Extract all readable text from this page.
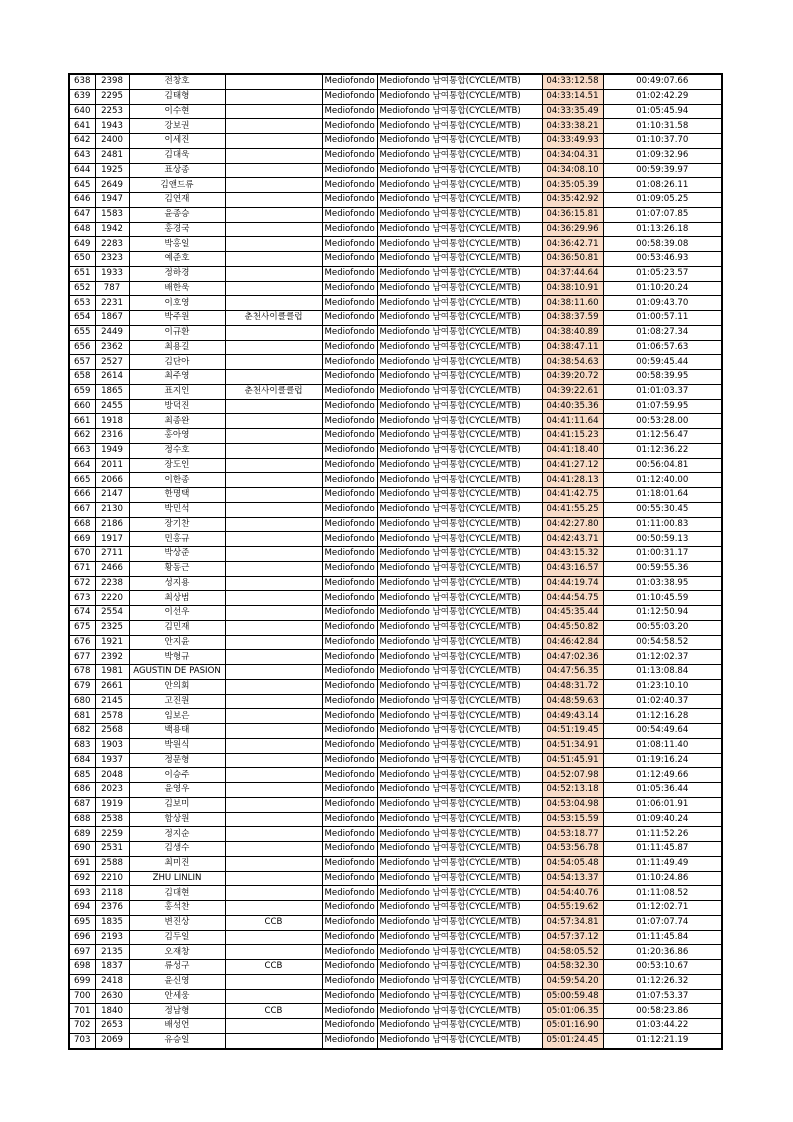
638	2398	전창호		Mediofondo	Mediofondo 남여통합(CYCLE/MTB)	04:33:12.58	00:49:07.66
639	2295	김태형		Mediofondo	Mediofondo 남여통합(CYCLE/MTB)	04:33:14.51	01:02:42.29
640	2253	이수현		Mediofondo	Mediofondo 남여통합(CYCLE/MTB)	04:33:35.49	01:05:45.94
641	1943	강보권		Mediofondo	Mediofondo 남여통합(CYCLE/MTB)	04:33:38.21	01:10:31.58
642	2400	이세진		Mediofondo	Mediofondo 남여통합(CYCLE/MTB)	04:33:49.93	01:10:37.70
643	2481	김대욱		Mediofondo	Mediofondo 남여통합(CYCLE/MTB)	04:34:04.31	01:09:32.96
644	1925	표상종		Mediofondo	Mediofondo 남여통합(CYCLE/MTB)	04:34:08.10	00:59:39.97
645	2649	김앤드류		Mediofondo	Mediofondo 남여통합(CYCLE/MTB)	04:35:05.39	01:08:26.11
646	1947	김연재		Mediofondo	Mediofondo 남여통합(CYCLE/MTB)	04:35:42.92	01:09:05.25
647	1583	윤종승		Mediofondo	Mediofondo 남여통합(CYCLE/MTB)	04:36:15.81	01:07:07.85
648	1942	홍경국		Mediofondo	Mediofondo 남여통합(CYCLE/MTB)	04:36:29.96	01:13:26.18
649	2283	박홍일		Mediofondo	Mediofondo 남여통합(CYCLE/MTB)	04:36:42.71	00:58:39.08
650	2323	예준호		Mediofondo	Mediofondo 남여통합(CYCLE/MTB)	04:36:50.81	00:53:46.93
651	1933	정하경		Mediofondo	Mediofondo 남여통합(CYCLE/MTB)	04:37:44.64	01:05:23.57
652	787	배한욱		Mediofondo	Mediofondo 남여통합(CYCLE/MTB)	04:38:10.91	01:10:20.24
653	2231	이호영		Mediofondo	Mediofondo 남여통합(CYCLE/MTB)	04:38:11.60	01:09:43.70
654	1867	박주원	춘천사이클클럽	Mediofondo	Mediofondo 남여통합(CYCLE/MTB)	04:38:37.59	01:00:57.11
655	2449	이규환		Mediofondo	Mediofondo 남여통합(CYCLE/MTB)	04:38:40.89	01:08:27.34
656	2362	최용길		Mediofondo	Mediofondo 남여통합(CYCLE/MTB)	04:38:47.11	01:06:57.63
657	2527	김단아		Mediofondo	Mediofondo 남여통합(CYCLE/MTB)	04:38:54.63	00:59:45.44
658	2614	최주영		Mediofondo	Mediofondo 남여통합(CYCLE/MTB)	04:39:20.72	00:58:39.95
659	1865	표지인	춘천사이클클럽	Mediofondo	Mediofondo 남여통합(CYCLE/MTB)	04:39:22.61	01:01:03.37
660	2455	방덕진		Mediofondo	Mediofondo 남여통합(CYCLE/MTB)	04:40:35.36	01:07:59.95
661	1918	최종완		Mediofondo	Mediofondo 남여통합(CYCLE/MTB)	04:41:11.64	00:53:28.00
662	2316	홍아영		Mediofondo	Mediofondo 남여통합(CYCLE/MTB)	04:41:15.23	01:12:56.47
663	1949	정수호		Mediofondo	Mediofondo 남여통합(CYCLE/MTB)	04:41:18.40	01:12:36.22
664	2011	장도인		Mediofondo	Mediofondo 남여통합(CYCLE/MTB)	04:41:27.12	00:56:04.81
665	2066	이한종		Mediofondo	Mediofondo 남여통합(CYCLE/MTB)	04:41:28.13	01:12:40.00
666	2147	한명택		Mediofondo	Mediofondo 남여통합(CYCLE/MTB)	04:41:42.75	01:18:01.64
667	2130	박민석		Mediofondo	Mediofondo 남여통합(CYCLE/MTB)	04:41:55.25	00:55:30.45
668	2186	장기찬		Mediofondo	Mediofondo 남여통합(CYCLE/MTB)	04:42:27.80	01:11:00.83
669	1917	민홍규		Mediofondo	Mediofondo 남여통합(CYCLE/MTB)	04:42:43.71	00:50:59.13
670	2711	박상준		Mediofondo	Mediofondo 남여통합(CYCLE/MTB)	04:43:15.32	01:00:31.17
671	2466	황동근		Mediofondo	Mediofondo 남여통합(CYCLE/MTB)	04:43:16.57	00:59:55.36
672	2238	성지용		Mediofondo	Mediofondo 남여통합(CYCLE/MTB)	04:44:19.74	01:03:38.95
673	2220	최상범		Mediofondo	Mediofondo 남여통합(CYCLE/MTB)	04:44:54.75	01:10:45.59
674	2554	이선우		Mediofondo	Mediofondo 남여통합(CYCLE/MTB)	04:45:35.44	01:12:50.94
675	2325	김민재		Mediofondo	Mediofondo 남여통합(CYCLE/MTB)	04:45:50.82	00:55:03.20
676	1921	안지윤		Mediofondo	Mediofondo 남여통합(CYCLE/MTB)	04:46:42.84	00:54:58.52
677	2392	박형규		Mediofondo	Mediofondo 남여통합(CYCLE/MTB)	04:47:02.36	01:12:02.37
678	1981	AGUSTIN DE PASION		Mediofondo	Mediofondo 남여통합(CYCLE/MTB)	04:47:56.35	01:13:08.84
679	2661	안의회		Mediofondo	Mediofondo 남여통합(CYCLE/MTB)	04:48:31.72	01:23:10.10
680	2145	고진원		Mediofondo	Mediofondo 남여통합(CYCLE/MTB)	04:48:59.63	01:02:40.37
681	2578	임보은		Mediofondo	Mediofondo 남여통합(CYCLE/MTB)	04:49:43.14	01:12:16.28
682	2568	백용태		Mediofondo	Mediofondo 남여통합(CYCLE/MTB)	04:51:19.45	00:54:49.64
683	1903	박원식		Mediofondo	Mediofondo 남여통합(CYCLE/MTB)	04:51:34.91	01:08:11.40
684	1937	정문형		Mediofondo	Mediofondo 남여통합(CYCLE/MTB)	04:51:45.91	01:19:16.24
685	2048	이승주		Mediofondo	Mediofondo 남여통합(CYCLE/MTB)	04:52:07.98	01:12:49.66
686	2023	윤영우		Mediofondo	Mediofondo 남여통합(CYCLE/MTB)	04:52:13.18	01:05:36.44
687	1919	김보미		Mediofondo	Mediofondo 남여통합(CYCLE/MTB)	04:53:04.98	01:06:01.91
688	2538	함상원		Mediofondo	Mediofondo 남여통합(CYCLE/MTB)	04:53:15.59	01:09:40.24
689	2259	정지순		Mediofondo	Mediofondo 남여통합(CYCLE/MTB)	04:53:18.77	01:11:52.26
690	2531	김생수		Mediofondo	Mediofondo 남여통합(CYCLE/MTB)	04:53:56.78	01:11:45.87
691	2588	최미진		Mediofondo	Mediofondo 남여통합(CYCLE/MTB)	04:54:05.48	01:11:49.49
692	2210	ZHU LINLIN		Mediofondo	Mediofondo 남여통합(CYCLE/MTB)	04:54:13.37	01:10:24.86
693	2118	김대현		Mediofondo	Mediofondo 남여통합(CYCLE/MTB)	04:54:40.76	01:11:08.52
694	2376	홍석찬		Mediofondo	Mediofondo 남여통합(CYCLE/MTB)	04:55:19.62	01:12:02.71
695	1835	변진상	CCB	Mediofondo	Mediofondo 남여통합(CYCLE/MTB)	04:57:34.81	01:07:07.74
696	2193	김두일		Mediofondo	Mediofondo 남여통합(CYCLE/MTB)	04:57:37.12	01:11:45.84
697	2135	오재창		Mediofondo	Mediofondo 남여통합(CYCLE/MTB)	04:58:05.52	01:20:36.86
698	1837	류성구	CCB	Mediofondo	Mediofondo 남여통합(CYCLE/MTB)	04:58:32.30	00:53:10.67
699	2418	윤신영		Mediofondo	Mediofondo 남여통합(CYCLE/MTB)	04:59:54.20	01:12:26.32
700	2630	안세웅		Mediofondo	Mediofondo 남여통합(CYCLE/MTB)	05:00:59.48	01:07:53.37
701	1840	정남형	CCB	Mediofondo	Mediofondo 남여통합(CYCLE/MTB)	05:01:06.35	00:58:23.86
702	2653	배성언		Mediofondo	Mediofondo 남여통합(CYCLE/MTB)	05:01:16.90	01:03:44.22
703	2069	유승일		Mediofondo	Mediofondo 남여통합(CYCLE/MTB)	05:01:24.45	01:12:21.19
